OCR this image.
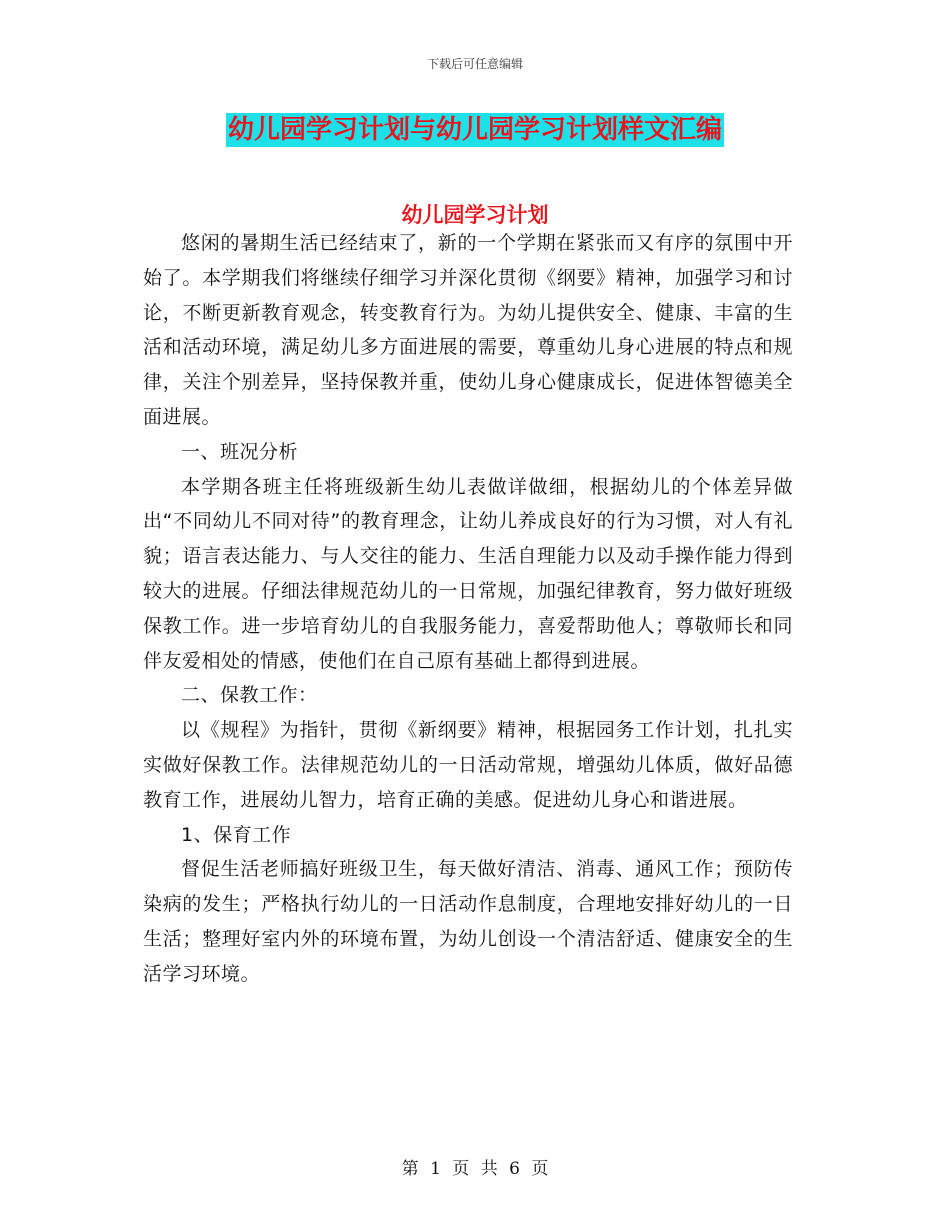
下载后可任意编辑
幼儿园学习计划与幼儿园学习计划样文汇编
幼儿园学习计划

悠闲的暑期生活已经结束了，新的一个学期在紧张而又有序的氛围中开始了。本学期我们将继续仔细学习并深化贯彻《纲要》精神，加强学习和讨论，不断更新教育观念，转变教育行为。为幼儿提供安全、健康、丰富的生活和活动环境，满足幼儿多方面进展的需要，尊重幼儿身心进展的特点和规律，关注个别差异，坚持保教并重，使幼儿身心健康成长，促进体智德美全面进展。

一、班况分析

本学期各班主任将班级新生幼儿表做详做细，根据幼儿的个体差异做出“不同幼儿不同对待”的教育理念，让幼儿养成良好的行为习惯，对人有礼貌；语言表达能力、与人交往的能力、生活自理能力以及动手操作能力得到较大的进展。仔细法律规范幼儿的一日常规，加强纪律教育，努力做好班级保教工作。进一步培育幼儿的自我服务能力，喜爱帮助他人；尊敬师长和同伴友爱相处的情感，使他们在自己原有基础上都得到进展。

二、保教工作：

以《规程》为指针，贯彻《新纲要》精神，根据园务工作计划，扎扎实实做好保教工作。法律规范幼儿的一日活动常规，增强幼儿体质，做好品德教育工作，进展幼儿智力，培育正确的美感。促进幼儿身心和谐进展。

1、保育工作

督促生活老师搞好班级卫生，每天做好清洁、消毒、通风工作；预防传染病的发生；严格执行幼儿的一日活动作息制度，合理地安排好幼儿的一日生活；整理好室内外的环境布置，为幼儿创设一个清洁舒适、健康安全的生活学习环境。

第 1 页 共 6 页
